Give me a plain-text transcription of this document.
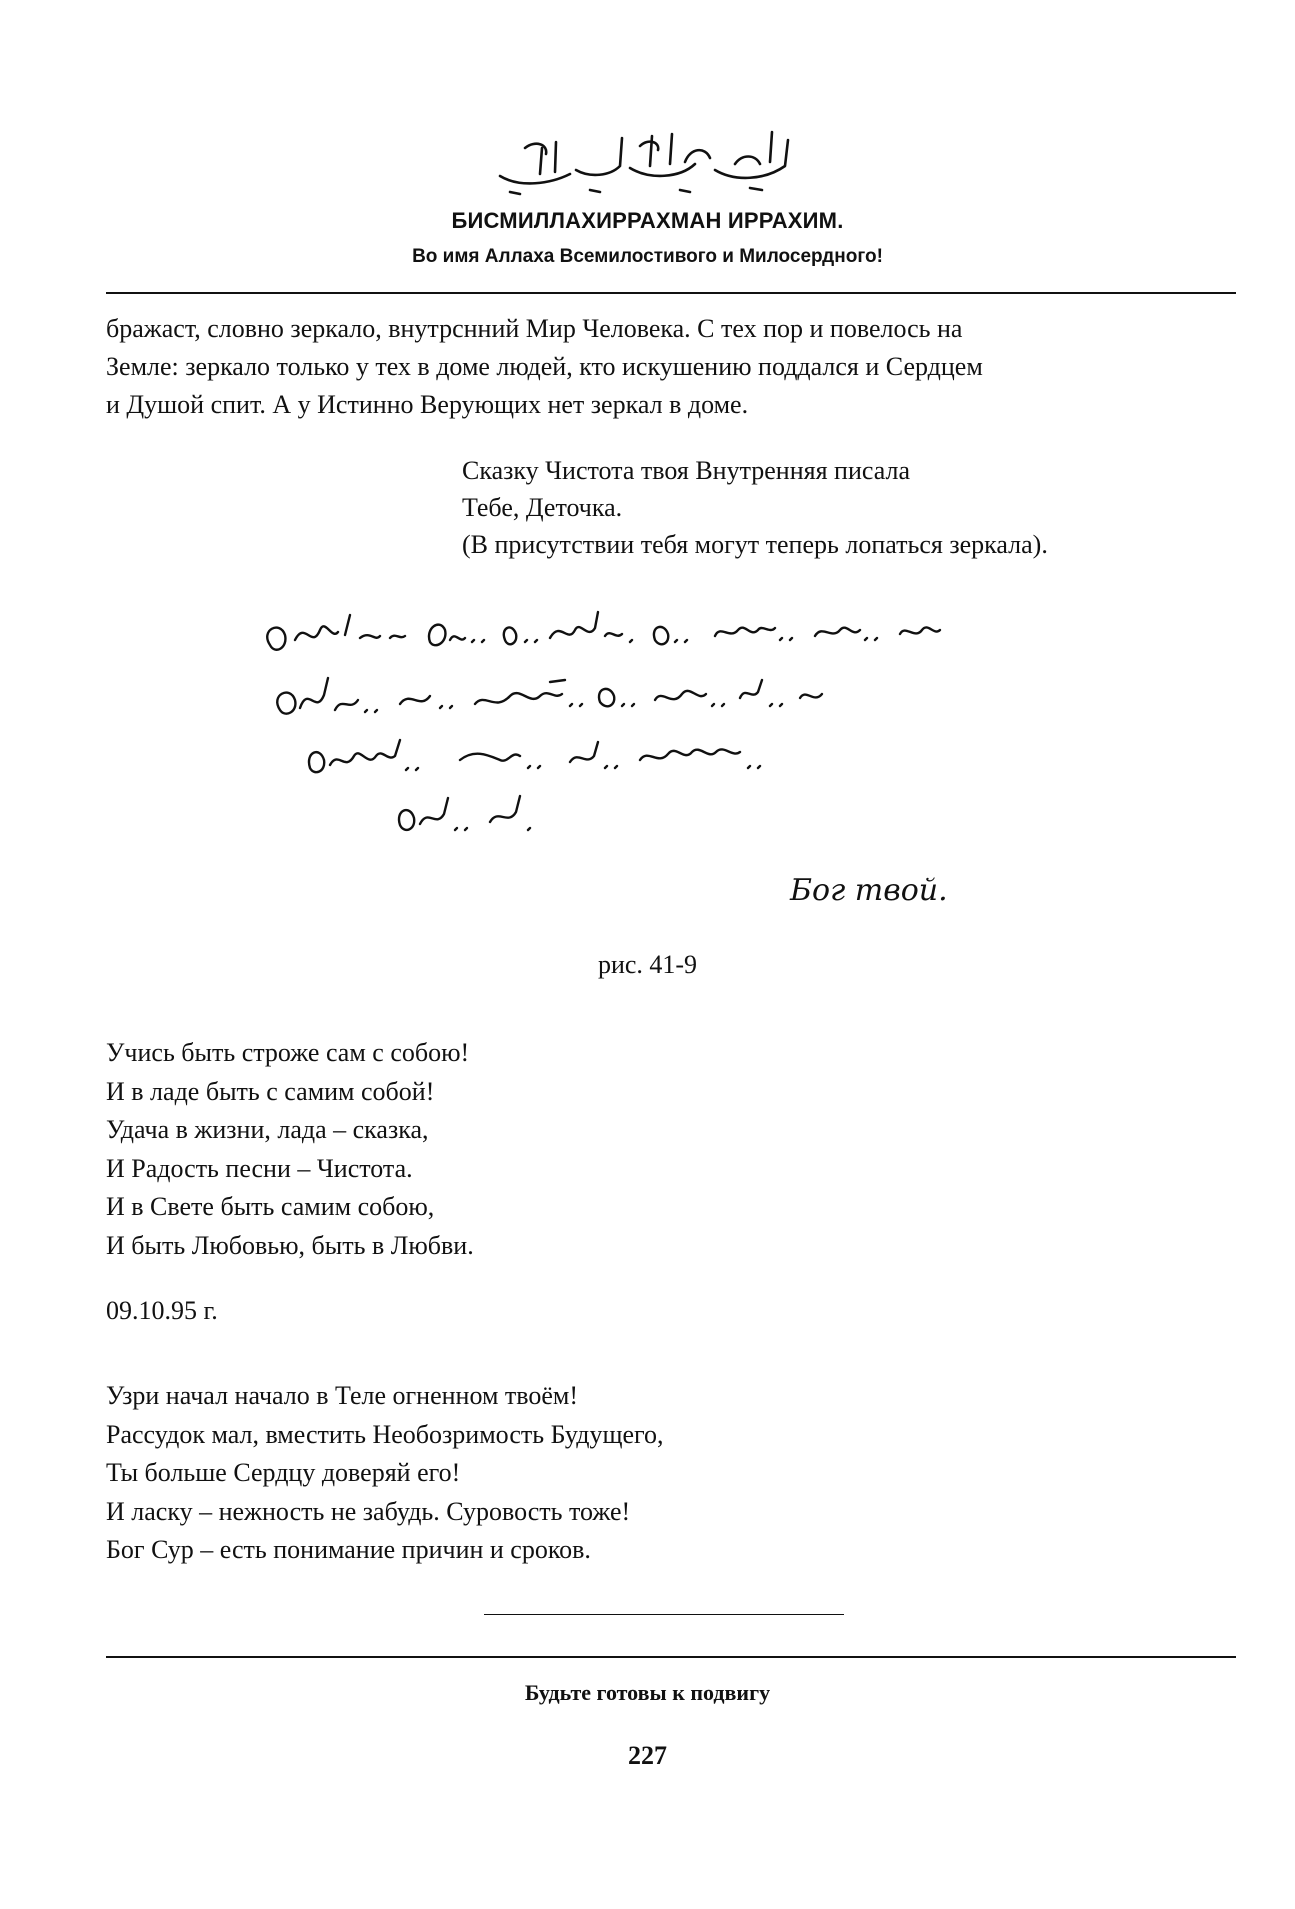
БИСМИЛЛАХИРРАХМАН ИРРАХИМ.
Во имя Аллаха Всемилостивого и Милосердного!

бражаст, словно зеркало, внутрснний Мир Человека. С тех пор и повелось на

Земле: зеркало только у тех в доме людей, кто искушению поддался и Сердцем

и Душой спит. А у Истинно Верующих нет зеркал в доме.

Сказку Чистота твоя Внутренняя писала
Тебе, Деточка.
(В присутствии тебя могут теперь лопаться зеркала).
Бог твой.
рис. 41-9
Учись быть строже сам с собою!
И в ладе быть с самим собой!
Удача в жизни, лада – сказка,
И Радость песни – Чистота.
И в Свете быть самим собою,
И быть Любовью, быть в Любви.
09.10.95 г.
Узри начал начало в Теле огненном твоём!
Рассудок мал, вместить Необозримость Будущего,
Ты больше Сердцу доверяй его!
И ласку – нежность не забудь. Суровость тоже!
Бог Сур – есть понимание причин и сроков.
Будьте готовы к подвигу
227
